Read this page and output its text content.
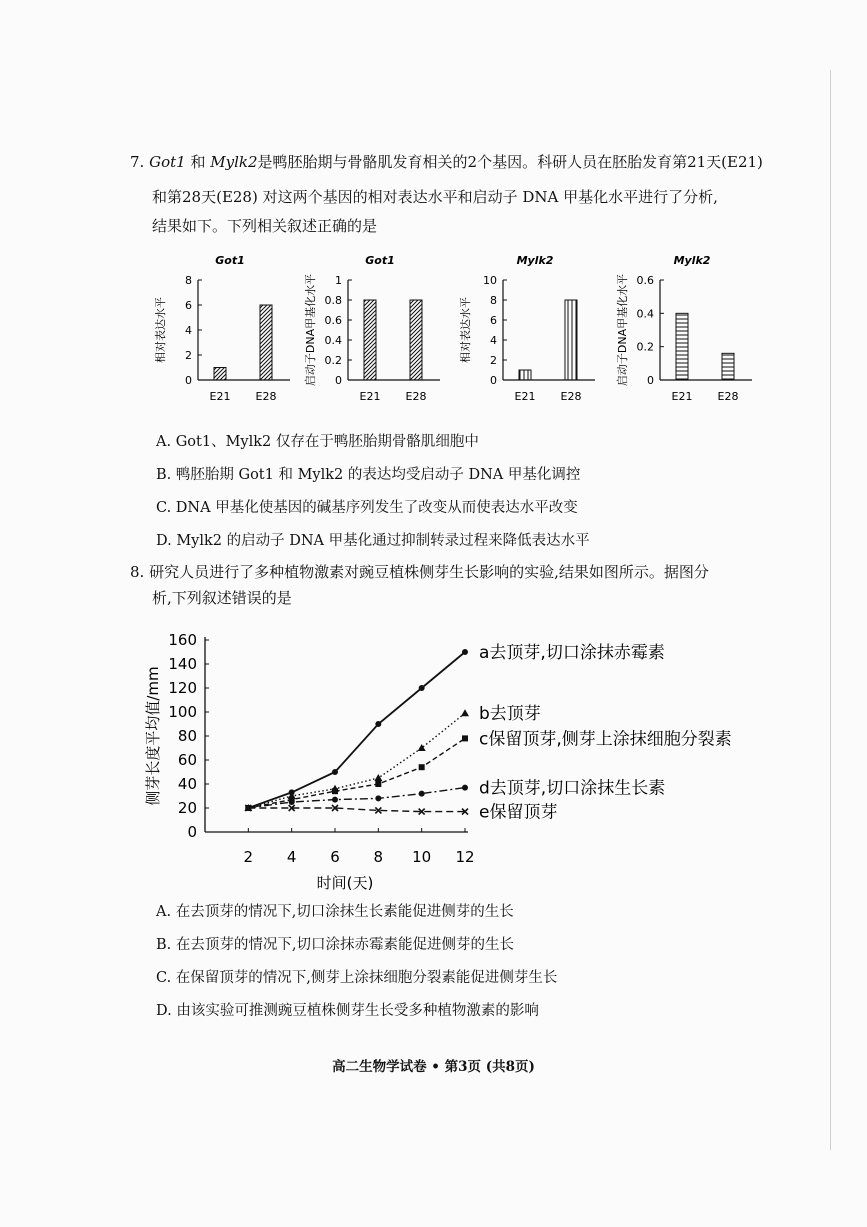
7. Got1 和 Mylk2是鸭胚胎期与骨骼肌发育相关的2个基因。科研人员在胚胎发育第21天(E21)
和第28天(E28) 对这两个基因的相对表达水平和启动子 DNA 甲基化水平进行了分析,
结果如下。下列相关叙述正确的是
Got1
相对表达水平
0
2
4
6
8
E21 E28
Got1
启动子DNA甲基化水平 0
0.2
0.4
0.6
0.8
1
E21 E28
Mylk2
相对表达水平
0
2
4
6
8
10
E21 E28
Mylk2
启动子DNA甲基化水平 0
0.2
0.4
0.6
E21 E28
A. Got1、Mylk2 仅存在于鸭胚胎期骨骼肌细胞中
B. 鸭胚胎期 Got1 和 Mylk2 的表达均受启动子 DNA 甲基化调控
C. DNA 甲基化使基因的碱基序列发生了改变从而使表达水平改变
D. Mylk2 的启动子 DNA 甲基化通过抑制转录过程来降低表达水平
8. 研究人员进行了多种植物激素对豌豆植株侧芽生长影响的实验,结果如图所示。据图分
析,下列叙述错误的是
0
20
40
60
80
100
120
140
160
2 4 6 8 10 12
时间(天)
侧芽长度平均值/mm
a去顶芽,切口涂抹赤霉素
b去顶芽
c保留顶芽,侧芽上涂抹细胞分裂素
d去顶芽,切口涂抹生长素
e保留顶芽
A. 在去顶芽的情况下,切口涂抹生长素能促进侧芽的生长
B. 在去顶芽的情况下,切口涂抹赤霉素能促进侧芽的生长
C. 在保留顶芽的情况下,侧芽上涂抹细胞分裂素能促进侧芽生长
D. 由该实验可推测豌豆植株侧芽生长受多种植物激素的影响
高二生物学试卷 • 第3页 (共8页)
